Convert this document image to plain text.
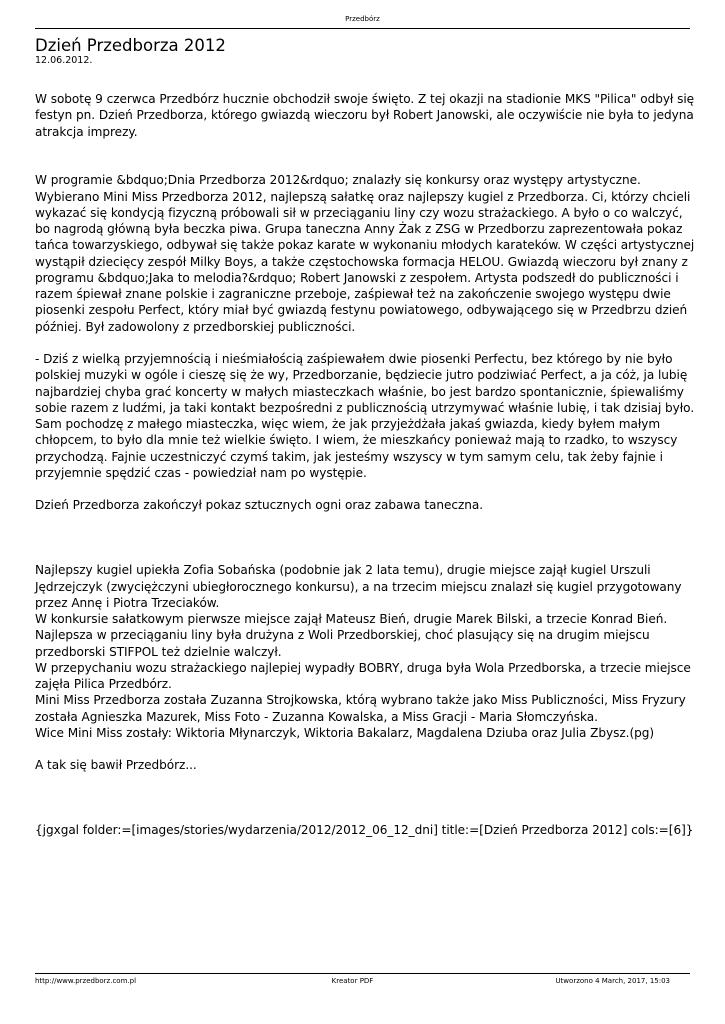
Przedbórz
Dzień Przedborza 2012
12.06.2012.

W sobotę 9 czerwca Przedbórz hucznie obchodził swoje święto. Z tej okazji na stadionie MKS "Pilica" odbył się festyn pn. Dzień Przedborza, którego gwiazdą wieczoru był Robert Janowski, ale oczywiście nie była to jedyna atrakcja imprezy.

W programie &bdquo;Dnia Przedborza 2012&rdquo; znalazły się konkursy oraz występy artystyczne. Wybierano Mini Miss Przedborza 2012, najlepszą sałatkę oraz najlepszy kugiel z Przedborza. Ci, którzy chcieli wykazać się kondycją fizyczną próbowali sił w przeciąganiu liny czy wozu strażackiego. A było o co walczyć, bo nagrodą główną była beczka piwa. Grupa taneczna Anny Żak z ZSG w Przedborzu zaprezentowała pokaz tańca towarzyskiego, odbywał się także pokaz karate w wykonaniu młodych karateków. W części artystycznej wystąpił dziecięcy zespół Milky Boys, a także częstochowska formacja HELOU. Gwiazdą wieczoru był znany z programu &bdquo;Jaka to melodia?&rdquo; Robert Janowski z zespołem. Artysta podszedł do publiczności i razem śpiewał znane polskie i zagraniczne przeboje, zaśpiewał też na zakończenie swojego występu dwie piosenki zespołu Perfect, który miał być gwiazdą festynu powiatowego, odbywającego się w Przedbrzu dzień później. Był zadowolony z przedborskiej publiczności.

- Dziś z wielką przyjemnością i nieśmiałością zaśpiewałem dwie piosenki Perfectu, bez którego by nie było polskiej muzyki w ogóle i cieszę się że wy, Przedborzanie, będziecie jutro podziwiać Perfect, a ja cóż, ja lubię najbardziej chyba grać koncerty w małych miasteczkach właśnie, bo jest bardzo spontanicznie, śpiewaliśmy sobie razem z ludźmi, ja taki kontakt bezpośredni z publicznością utrzymywać właśnie lubię, i tak dzisiaj było. Sam pochodzę z małego miasteczka, więc wiem, że jak przyjeżdżała jakaś gwiazda, kiedy byłem małym chłopcem, to było dla mnie też wielkie święto. I wiem, że mieszkańcy ponieważ mają to rzadko, to wszyscy przychodzą. Fajnie uczestniczyć czymś takim, jak jesteśmy wszyscy w tym samym celu, tak żeby fajnie i przyjemnie spędzić czas - powiedział nam po występie.

Dzień Przedborza zakończył pokaz sztucznych ogni oraz zabawa taneczna.

Najlepszy kugiel upiekła Zofia Sobańska (podobnie jak 2 lata temu), drugie miejsce zajął kugiel Urszuli Jędrzejczyk (zwyciężczyni ubiegłorocznego konkursu), a na trzecim miejscu znalazł się kugiel przygotowany przez Annę i Piotra Trzeciaków.

W konkursie sałatkowym pierwsze miejsce zajął Mateusz Bień, drugie Marek Bilski, a trzecie Konrad Bień.

Najlepsza w przeciąganiu liny była drużyna z Woli Przedborskiej, choć plasujący się na drugim miejscu przedborski STIFPOL też dzielnie walczył.

W przepychaniu wozu strażackiego najlepiej wypadły BOBRY, druga była Wola Przedborska, a trzecie miejsce zajęła Pilica Przedbórz.

Mini Miss Przedborza została Zuzanna Strojkowska, którą wybrano także jako Miss Publiczności, Miss Fryzury została Agnieszka Mazurek, Miss Foto - Zuzanna Kowalska, a Miss Gracji - Maria Słomczyńska.

Wice Mini Miss zostały: Wiktoria Młynarczyk, Wiktoria Bakalarz, Magdalena Dziuba oraz Julia Zbysz.(pg)

A tak się bawił Przedbórz...

{jgxgal folder:=[images/stories/wydarzenia/2012/2012_06_12_dni] title:=[Dzień Przedborza 2012] cols:=[6]}

http://www.przedborz.com.pl	Kreator PDF	Utworzono 4 March, 2017, 15:03
